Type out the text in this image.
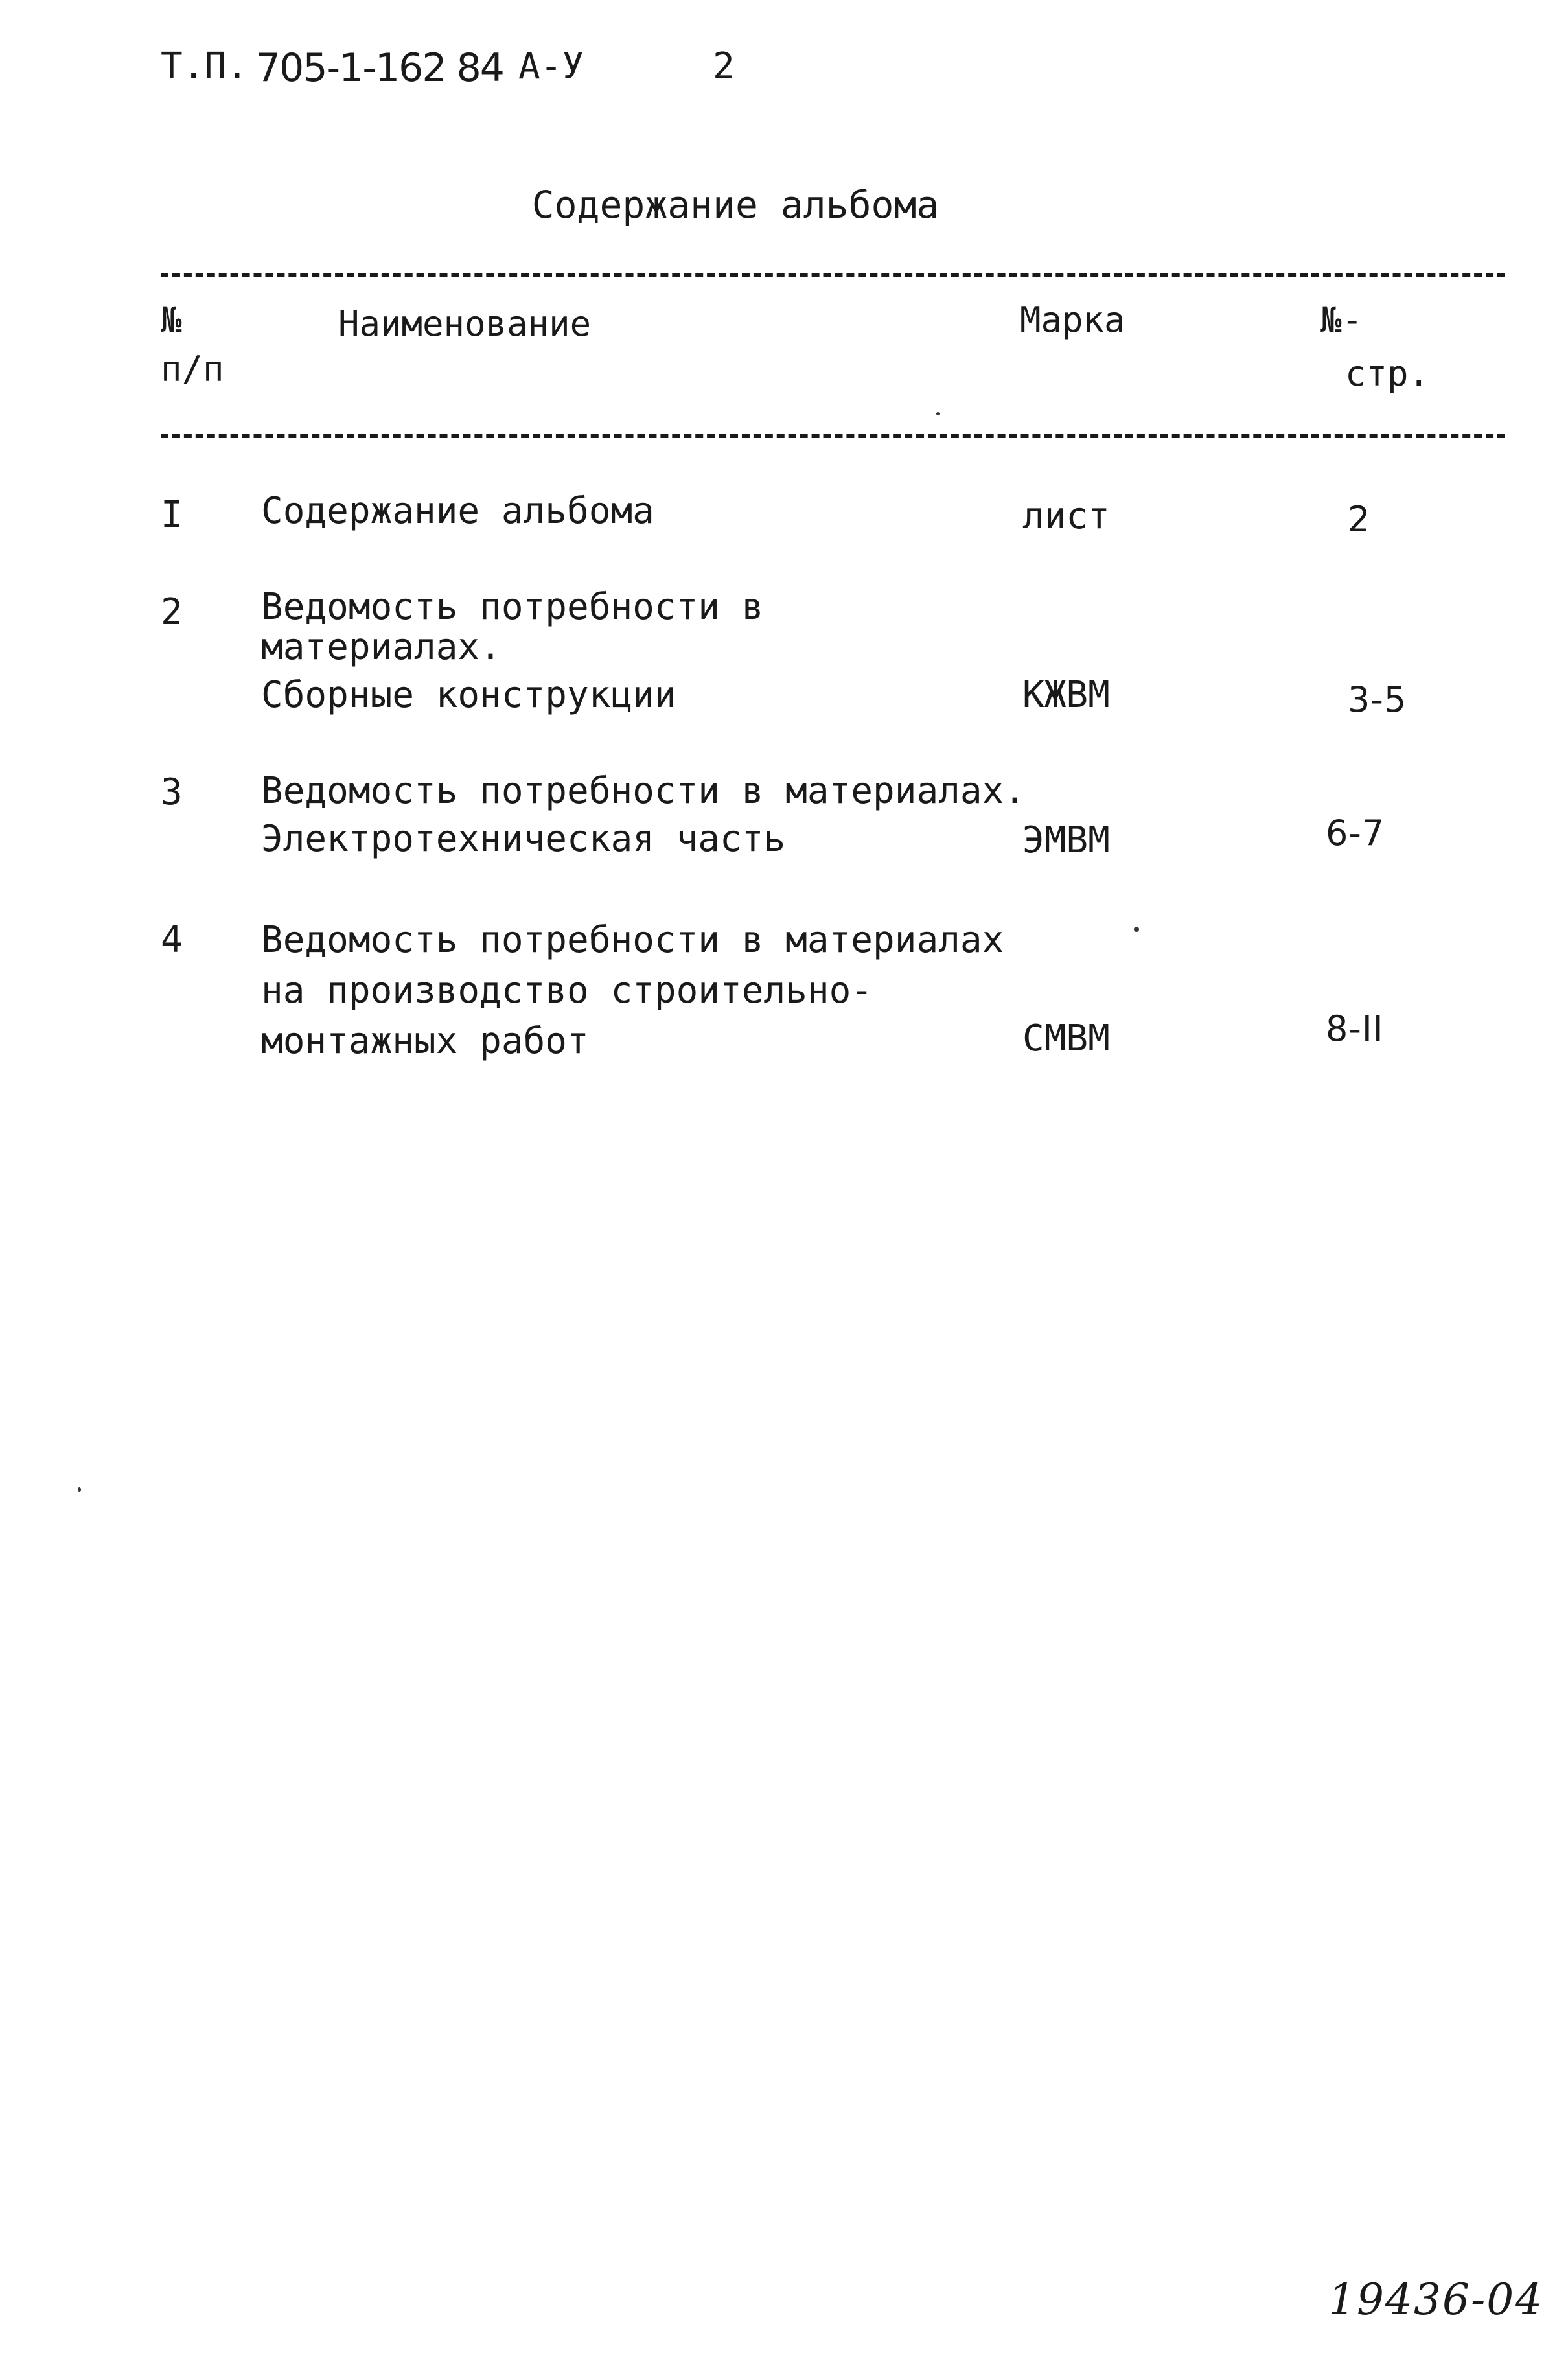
Т.П. 705-1-162 84 А-У	2
Содержание альбома
№
п/п
Наименование	Марка	№-
стр.
I Содержание альбома	лист	2
2 Ведомость потребности в
материалах.
Сборные конструкции	КЖВМ	3-5
3 Ведомость потребности в материалах.
Электротехническая часть	ЭМВМ	6-7
4 Ведомость потребности в материалах
на производство строительно-
монтажных работ	СМВМ	8-II
19436-04
